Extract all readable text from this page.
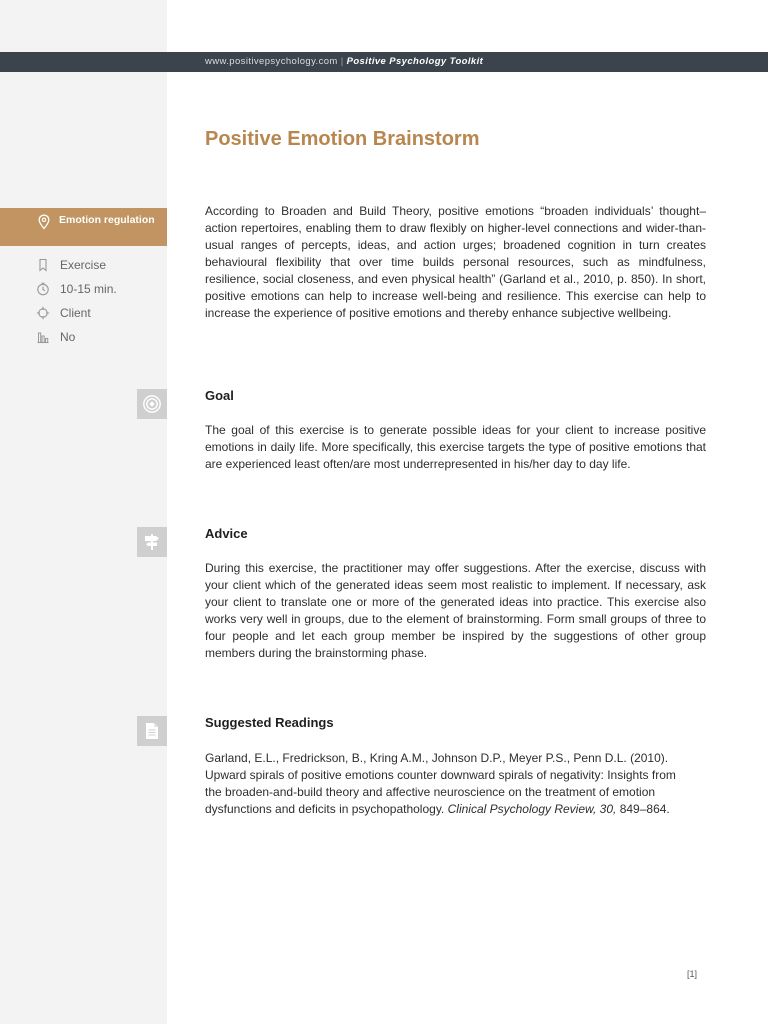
www.positivepsychology.com | Positive Psychology Toolkit
Positive Emotion Brainstorm
Emotion regulation
Exercise
10-15 min.
Client
No

According to Broaden and Build Theory, positive emotions “broaden individuals’ thought–action repertoires, enabling them to draw flexibly on higher-level connections and wider-than-usual ranges of percepts, ideas, and action urges; broadened cognition in turn creates behavioural flexibility that over time builds personal resources, such as mindfulness, resilience, social closeness, and even physical health” (Garland et al., 2010, p. 850). In short, positive emotions can help to increase well-being and resilience. This exercise can help to increase the experience of positive emotions and thereby enhance subjective wellbeing.

Goal

The goal of this exercise is to generate possible ideas for your client to increase positive emotions in daily life. More specifically, this exercise targets the type of positive emotions that are experienced least often/are most underrepresented in his/her day to day life.

Advice

During this exercise, the practitioner may offer suggestions. After the exercise, discuss with your client which of the generated ideas seem most realistic to implement. If necessary, ask your client to translate one or more of the generated ideas into practice. This exercise also works very well in groups, due to the element of brainstorming. Form small groups of three to four people and let each group member be inspired by the suggestions of other group members during the brainstorming phase.

Suggested Readings
Garland, E.L., Fredrickson, B., Kring A.M., Johnson D.P., Meyer P.S., Penn D.L. (2010).
Upward spirals of positive emotions counter downward spirals of negativity: Insights from
the broaden-and-build theory and affective neuroscience on the treatment of emotion
dysfunctions and deficits in psychopathology. Clinical Psychology Review, 30, 849–864.
[1]
